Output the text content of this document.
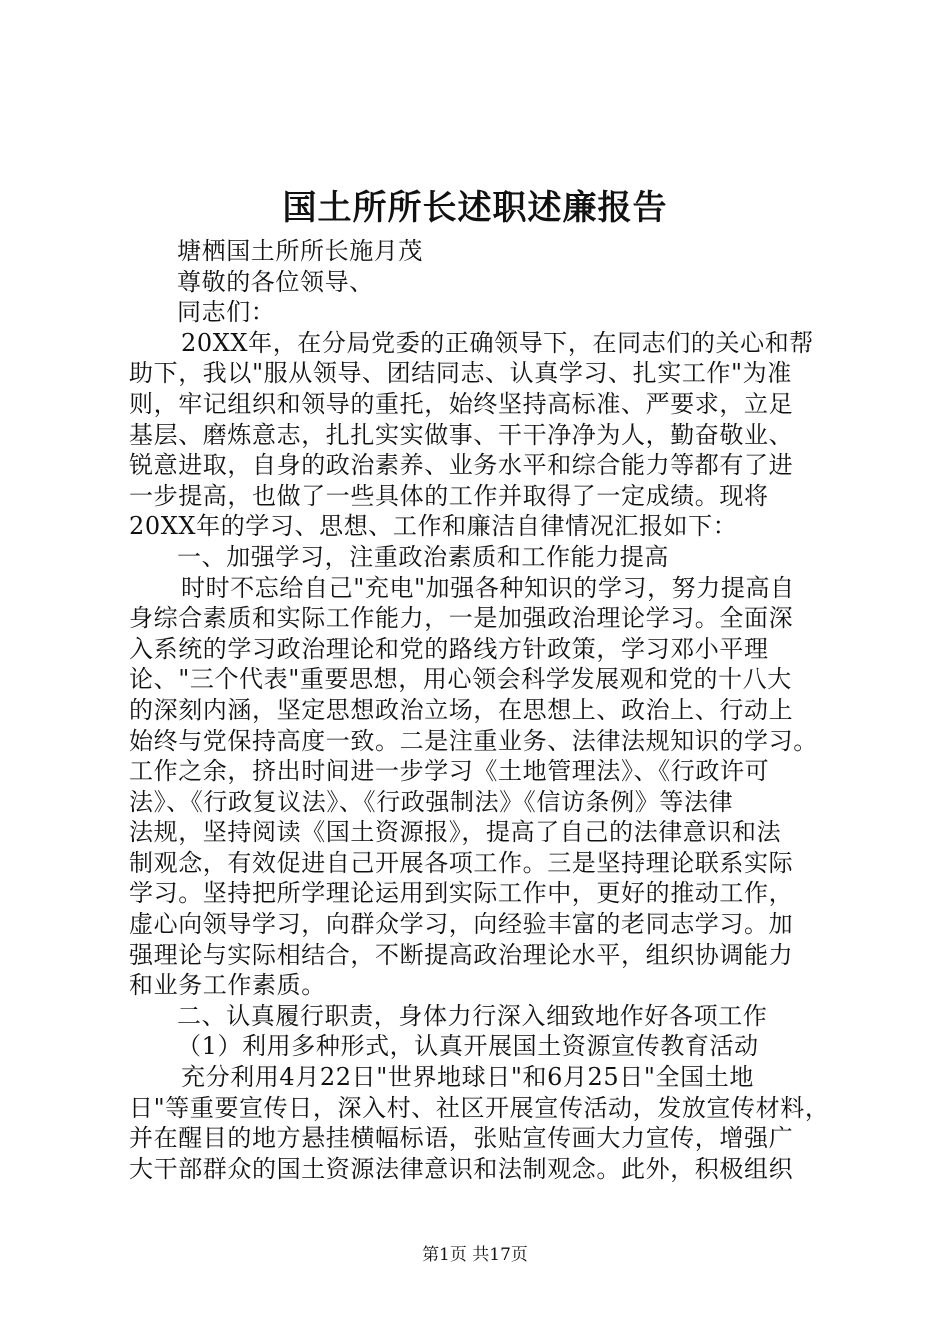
国土所所长述职述廉报告
塘栖国土所所长施月茂
尊敬的各位领导、
同志们：
20XX年，在分局党委的正确领导下，在同志们的关心和帮
助下，我以"服从领导、团结同志、认真学习、扎实工作"为准
则，牢记组织和领导的重托，始终坚持高标准、严要求，立足
基层、磨炼意志，扎扎实实做事、干干净净为人，勤奋敬业、
锐意进取，自身的政治素养、业务水平和综合能力等都有了进
一步提高，也做了一些具体的工作并取得了一定成绩。现将
20XX年的学习、思想、工作和廉洁自律情况汇报如下：
一、加强学习，注重政治素质和工作能力提高
时时不忘给自己"充电"加强各种知识的学习，努力提高自
身综合素质和实际工作能力，一是加强政治理论学习。全面深
入系统的学习政治理论和党的路线方针政策，学习邓小平理
论、"三个代表"重要思想，用心领会科学发展观和党的十八大
的深刻内涵，坚定思想政治立场，在思想上、政治上、行动上
始终与党保持高度一致。二是注重业务、法律法规知识的学习。
工作之余，挤出时间进一步学习《土地管理法》、《行政许可
法》、《行政复议法》、《行政强制法》《信访条例》等法律
法规，坚持阅读《国土资源报》，提高了自己的法律意识和法
制观念，有效促进自己开展各项工作。三是坚持理论联系实际
学习。坚持把所学理论运用到实际工作中，更好的推动工作，
虚心向领导学习，向群众学习，向经验丰富的老同志学习。加
强理论与实际相结合，不断提高政治理论水平，组织协调能力
和业务工作素质。
二、认真履行职责，身体力行深入细致地作好各项工作
（1）利用多种形式，认真开展国土资源宣传教育活动
充分利用4月22日"世界地球日"和6月25日"全国土地
日"等重要宣传日，深入村、社区开展宣传活动，发放宣传材料，
并在醒目的地方悬挂横幅标语，张贴宣传画大力宣传，增强广
大干部群众的国土资源法律意识和法制观念。此外，积极组织
第1页 共17页
